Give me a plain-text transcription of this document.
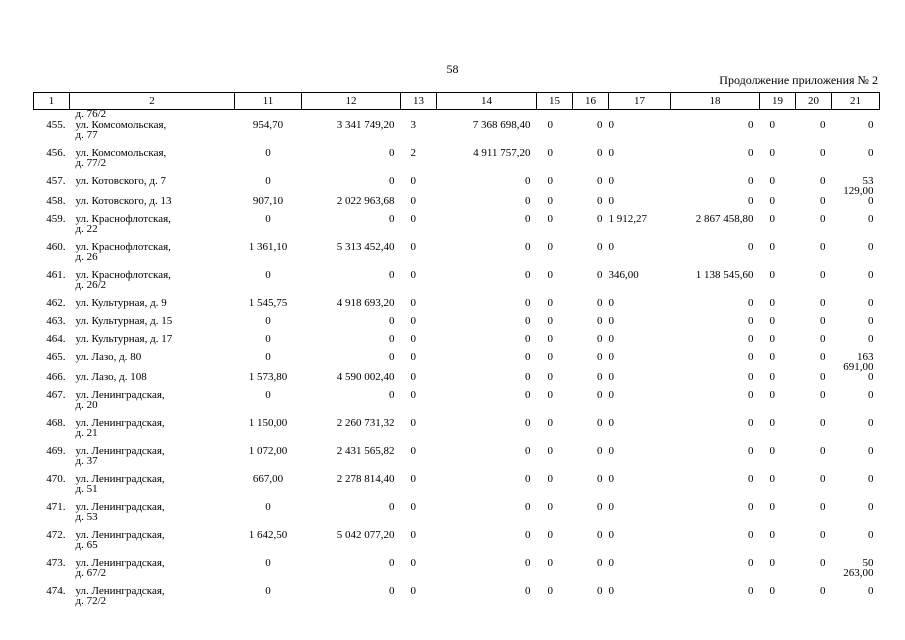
58
Продолжение приложения № 2
1	2	11	12	13	14	15	16	17	18	19	20	21
	д. 76/2											
455.	ул. Комсомольская,
д. 77	954,70	3 341 749,20	3	7 368 698,40	0	0	0	0	0	0	0
456.	ул. Комсомольская,
д. 77/2	0	0	2	4 911 757,20	0	0	0	0	0	0	0
457.	ул. Котовского, д. 7	0	0	0	0	0	0	0	0	0	0	53 129,00
458.	ул. Котовского, д. 13	907,10	2 022 963,68	0	0	0	0	0	0	0	0	0
459.	ул. Краснофлотская,
д. 22	0	0	0	0	0	0	1 912,27	2 867 458,80	0	0	0
460.	ул. Краснофлотская,
д. 26	1 361,10	5 313 452,40	0	0	0	0	0	0	0	0	0
461.	ул. Краснофлотская,
д. 26/2	0	0	0	0	0	0	346,00	1 138 545,60	0	0	0
462.	ул. Культурная, д. 9	1 545,75	4 918 693,20	0	0	0	0	0	0	0	0	0
463.	ул. Культурная, д. 15	0	0	0	0	0	0	0	0	0	0	0
464.	ул. Культурная, д. 17	0	0	0	0	0	0	0	0	0	0	0
465.	ул. Лазо, д. 80	0	0	0	0	0	0	0	0	0	0	163 691,00
466.	ул. Лазо, д. 108	1 573,80	4 590 002,40	0	0	0	0	0	0	0	0	0
467.	ул. Ленинградская,
д. 20	0	0	0	0	0	0	0	0	0	0	0
468.	ул. Ленинградская,
д. 21	1 150,00	2 260 731,32	0	0	0	0	0	0	0	0	0
469.	ул. Ленинградская,
д. 37	1 072,00	2 431 565,82	0	0	0	0	0	0	0	0	0
470.	ул. Ленинградская,
д. 51	667,00	2 278 814,40	0	0	0	0	0	0	0	0	0
471.	ул. Ленинградская,
д. 53	0	0	0	0	0	0	0	0	0	0	0
472.	ул. Ленинградская,
д. 65	1 642,50	5 042 077,20	0	0	0	0	0	0	0	0	0
473.	ул. Ленинградская,
д. 67/2	0	0	0	0	0	0	0	0	0	0	50 263,00
474.	ул. Ленинградская,
д. 72/2	0	0	0	0	0	0	0	0	0	0	0
